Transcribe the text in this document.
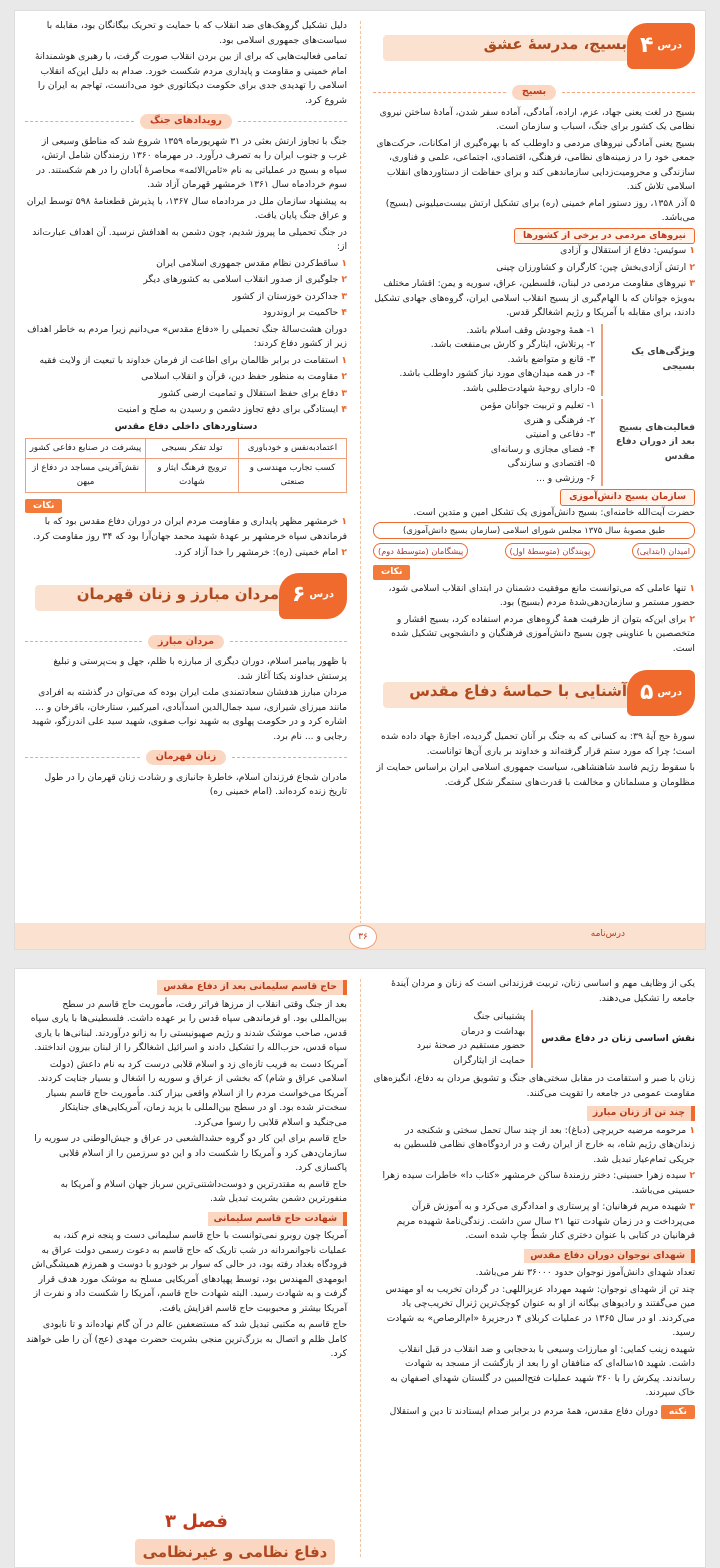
بسیج، مدرسهٔ عشق	درس
۴
بسیج

بسیج در لغت یعنی جهاد، عزم، اراده، آمادگی، آماده سفر شدن، آمادهٔ ساختن نیروی نظامی یک کشور برای جنگ، اسباب و سازمان است.

بسیج یعنی آمادگی نیروهای مردمی و داوطلب که با بهره‌گیری از امکانات، حرکت‌های جمعی خود را در زمینه‌های نظامی، فرهنگی، اقتصادی، اجتماعی، علمی و فناوری، سازندگی و محرومیت‌زدایی سازماندهی کند و برای حفاظت از دستاوردهای انقلاب اسلامی تلاش کند.

۵ آذر ۱۳۵۸، روز دستور امام خمینی (ره) برای تشکیل ارتش بیست‌میلیونی (بسیج) می‌باشد.

نیروهای مردمی در برخی از کشورها

۱ سوئیس: دفاع از استقلال و آزادی

۲ ارتش آزادی‌بخش چین: کارگران و کشاورزان چینی

۳ نیروهای مقاومت مردمی در لبنان، فلسطین، عراق، سوریه و یمن: اقشار مختلف به‌ویژه جوانان که با الهام‌گیری از بسیج انقلاب اسلامی ایران، گروه‌های جهادی تشکیل دادند، برای مقابله با آمریکا و رژیم اشغالگر قدس.

ویژگی‌های یک بسیجی
۱- همهٔ وجودش وقف اسلام باشد.
۲- پرتلاش، ایثارگر و کارش بی‌منفعت باشد.
۳- قانع و متواضع باشد.
۴- در همه میدان‌های مورد نیاز کشور داوطلب باشد.
۵- دارای روحیهٔ شهادت‌طلبی باشد.
فعالیت‌های بسیج بعد از دوران دفاع مقدس
۱- تعلیم و تربیت جوانان مؤمن
۲- فرهنگی و هنری
۳- دفاعی و امنیتی
۴- فضای مجازی و رسانه‌ای
۵- اقتصادی و سازندگی
۶- ورزشی و ...
سازمان بسیج دانش‌آموزی

حضرت آیت‌الله خامنه‌ای: بسیج دانش‌آموزی یک تشکل امین و متدین است.

طبق مصوبهٔ سال ۱۳۷۵ مجلس شورای اسلامی (سازمان بسیج دانش‌آموزی)

امیدان (ابتدایی)
پویندگان (متوسطهٔ اول)
پیشگامان (متوسطهٔ دوم)
نکات

۱ تنها عاملی که می‌توانست مانع موفقیت دشمنان در ابتدای انقلاب اسلامی شود، حضور مستمر و سازمان‌دهی‌شدهٔ مردم (بسیج) بود.

۲ برای این‌که بتوان از ظرفیت همهٔ گروه‌های مردم استفاده کرد، بسیج اقشار و متخصصین با عناوینی چون بسیج دانش‌آموزی فرهنگیان و دانشجویی تشکیل شده است.

آشنایی با حماسهٔ دفاع مقدس	درس
۵

سورهٔ حج آیهٔ ۳۹: به کسانی که به جنگ بر آنان تحمیل گردیده، اجازهٔ جهاد داده شده است؛ چرا که مورد ستم قرار گرفته‌اند و خداوند بر یاری آن‌ها تواناست.

با سقوط رژیم فاسد شاهنشاهی، سیاست جمهوری اسلامی ایران براساس حمایت از مظلومان و مسلمانان و مخالفت با قدرت‌های ستمگر شکل گرفت.

دلیل تشکیل گروهک‌های ضد انقلاب که با حمایت و تحریک بیگانگان بود، مقابله با سیاست‌های جمهوری اسلامی بود.

تمامی فعالیت‌هایی که برای از بین بردن انقلاب صورت گرفت، با رهبری هوشمندانهٔ امام خمینی و مقاومت و پایداری مردم شکست خورد. صدام به دلیل این‌که انقلاب اسلامی را تهدیدی جدی برای حکومت دیکتاتوری خود می‌دانست، تهاجم به ایران را شروع کرد.

رویدادهای جنگ

جنگ با تجاوز ارتش بعثی در ۳۱ شهریورماه ۱۳۵۹ شروع شد که مناطق وسیعی از غرب و جنوب ایران را به تصرف درآورد. در مهرماه ۱۳۶۰ رزمندگان شامل ارتش، سپاه و بسیج در عملیاتی به نام «ثامن‌الائمه» محاصرهٔ آبادان را در هم شکستند. در سوم خردادماه سال ۱۳۶۱ خرمشهر قهرمان آزاد شد.

به پیشنهاد سازمان ملل در مردادماه سال ۱۳۶۷، با پذیرش قطعنامهٔ ۵۹۸ توسط ایران و عراق جنگ پایان یافت.

در جنگ تحمیلی ما پیروز شدیم، چون دشمن به اهدافش نرسید. آن اهداف عبارت‌اند از:

۱ ساقط‌کردن نظام مقدس جمهوری اسلامی ایران

۲ جلوگیری از صدور انقلاب اسلامی به کشورهای دیگر

۳ جداکردن خوزستان از کشور

۴ حاکمیت بر اروندرود

دوران هشت‌سالهٔ جنگ تحمیلی را «دفاع مقدس» می‌دانیم زیرا مردم به خاطر اهداف زیر از کشور دفاع کردند:

۱ استقامت در برابر ظالمان برای اطاعت از فرمان خداوند با تبعیت از ولایت فقیه

۲ مقاومت به منظور حفظ دین، قرآن و انقلاب اسلامی

۳ دفاع برای حفظ استقلال و تمامیت ارضی کشور

۴ ایستادگی برای دفع تجاوز دشمن و رسیدن به صلح و امنیت

دستاوردهای داخلی دفاع مقدس

اعتمادبه‌نفس و خودباوری	تولد تفکر بسیجی	پیشرفت در صنایع دفاعی کشور
کسب تجارب مهندسی و صنعتی	ترویج فرهنگ ایثار و شهادت	نقش‌آفرینی مساجد در دفاع از میهن
نکات

۱ خرمشهر مظهر پایداری و مقاومت مردم ایران در دوران دفاع مقدس بود که با فرماندهی سپاه خرمشهر بر عهدهٔ شهید محمد جهان‌آرا بود که ۳۴ روز مقاومت کرد.

۲ امام خمینی (ره): خرمشهر را خدا آزاد کرد.

مردان مبارز و زنان قهرمان	درس
۶
مردان مبارز

با ظهور پیامبر اسلام، دوران دیگری از مبارزه با ظلم، جهل و بت‌پرستی و تبلیغ پرستش خداوند یکتا آغاز شد.

مردان مبارز هدفشان سعادتمندی ملت ایران بوده که می‌توان در گذشته به افرادی مانند میرزای شیرازی، سید جمال‌الدین اسدآبادی، امیرکبیر، ستارخان، باقرخان و ... اشاره کرد و در حکومت پهلوی به شهید نواب صفوی، شهید سید علی اندرزگو، شهید رجایی و ... نام برد.

زنان قهرمان

مادران شجاع فرزندان اسلام، خاطرهٔ جانبازی و رشادت زنان قهرمان را در طول تاریخ زنده کرده‌اند. (امام خمینی ره)

۳۶	درس‌نامه

یکی از وظایف مهم و اساسی زنان، تربیت فرزندانی است که زنان و مردان آیندهٔ جامعه را تشکیل می‌دهند.

نقش اساسی زنان در دفاع مقدس
پشتیبانی جنگ
بهداشت و درمان
حضور مستقیم در صحنهٔ نبرد
حمایت از ایثارگران

زنان با صبر و استقامت در مقابل سختی‌های جنگ و تشویق مردان به دفاع، انگیزه‌های مقاومت عمومی در جامعه را تقویت می‌کنند.

چند تن از زنان مبارز

۱ مرحومه مرضیه حریرچی (دباغ): بعد از چند سال تحمل سختی و شکنجه در زندان‌های رژیم شاه، به خارج از ایران رفت و در اردوگاه‌های نظامی فلسطین به جریکی تمام‌عیار تبدیل شد.

۲ سیده زهرا حسینی: دختر رزمندهٔ ساکن خرمشهر «کتاب دا» خاطرات سیده زهرا حسینی می‌باشد.

۳ شهیده مریم فرهانیان: او پرستاری و امدادگری می‌کرد و به آموزش قرآن می‌پرداخت و در زمان شهادت تنها ۲۱ سال سن داشت. زندگی‌نامهٔ شهیده مریم فرهانیان در کتابی با عنوان دختری کنار شطّ چاپ شده است.

شهدای نوجوان دوران دفاع مقدس

تعداد شهدای دانش‌آموز نوجوان حدود ۳۶۰۰۰ نفر می‌باشد.

چند تن از شهدای نوجوان: شهید مهرداد عزیزاللهی: در گردان تخریب به او مهندس مین می‌گفتند و رادیوهای بیگانه از او به عنوان کوچک‌ترین ژنرال تخریب‌چی یاد می‌کردند. او در سال ۱۳۶۵ در عملیات کربلای ۴ درجزیرهٔ «ام‌الرصاص» به شهادت رسید.

شهیده زینب کمایی: او مبارزات وسیعی با بدحجابی و ضد انقلاب در قبل انقلاب داشت. شهید ۱۵ساله‌ای که منافقان او را بعد از بازگشت از مسجد به شهادت رساندند. پیکرش را با ۳۶۰ شهید عملیات فتح‌المبین در گلستان شهدای اصفهان به خاک سپردند.

نکته دوران دفاع مقدس، همهٔ مردم در برابر صدام ایستادند تا دین و استقلال

حاج قاسم سلیمانی بعد از دفاع مقدس

بعد از جنگ وقتی انقلاب از مرزها فراتر رفت، مأموریت حاج قاسم در سطح بین‌المللی بود. او فرماندهی سپاه قدس را بر عهده داشت. فلسطینی‌ها با یاری سپاه قدس، صاحب موشک شدند و رژیم صهیونیستی را به زانو درآوردند. لبنانی‌ها با یاری سپاه قدس، حزب‌الله را تشکیل دادند و اسرائیل اشغالگر را از لبنان بیرون انداختند.

آمریکا دست به فریب تازه‌ای زد و اسلام قلابی درست کرد به نام داعش (دولت اسلامی عراق و شام) که بخشی از عراق و سوریه را اشغال و بسیار جنایت کردند. آمریکا می‌خواست مردم را از اسلام واقعی بیزار کند. مأموریت حاج قاسم بسیار سخت‌تر شده بود. او در سطح بین‌المللی با یزید زمان، آمریکایی‌های جنایتکار می‌جنگید و اسلام قلابی را رسوا می‌کرد.

حاج قاسم برای این کار دو گروه حشدالشعبی در عراق و جیش‌الوطنی در سوریه را سازمان‌دهی کرد و آمریکا را شکست داد و این دو سرزمین را از اسلام قلابی پاکسازی کرد.

حاج قاسم به مقتدرترین و دوست‌داشتنی‌ترین سرباز جهان اسلام و آمریکا به منفورترین دشمن بشریت تبدیل شد.

شهادت حاج قاسم سلیمانی

آمریکا چون روبرو نمی‌توانست با حاج قاسم سلیمانی دست و پنجه نرم کند، به عملیات ناجوانمردانه در شب تاریک که حاج قاسم به دعوت رسمی دولت عراق به فرودگاه بغداد رفته بود، در حالی که سوار بر خودرو با دوست و همرزم همیشگی‌اش ابومهدی المهندس بود، توسط پهپادهای آمریکایی مسلح به موشک مورد هدف قرار گرفت و به شهادت رسید. البته شهادت حاج قاسم، آمریکا را شکست داد و نفرت از آمریکا بیشتر و محبوبیت حاج قاسم افزایش یافت.

حاج قاسم به مکتبی تبدیل شد که مستضعفین عالم در آن گام نهاده‌اند و تا نابودی کامل ظلم و اتصال به بزرگ‌ترین منجی بشریت حضرت مهدی (عج) آن را طی خواهند کرد.

فصل ۳
دفاع نظامی و غیرنظامی
